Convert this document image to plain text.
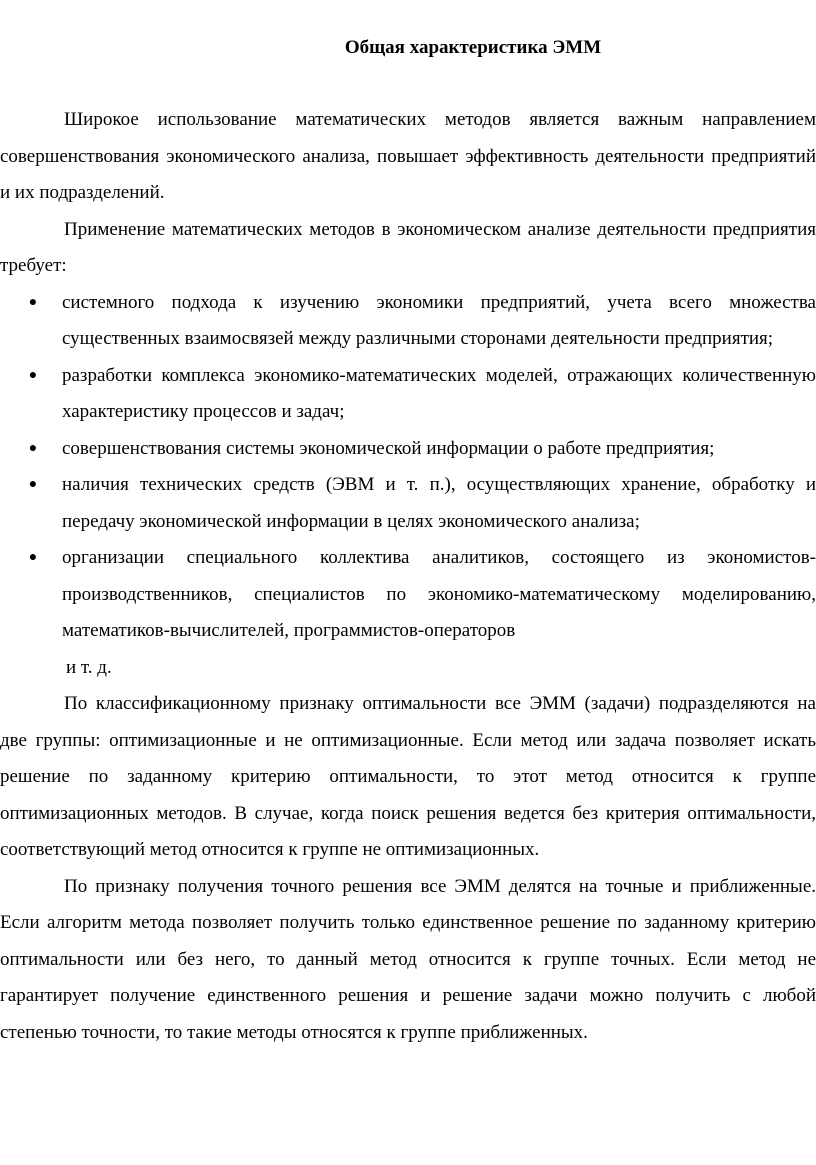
Общая характеристика ЭММ

Широкое использование математических методов является важным направлением совершенствования экономического анализа, повышает эффективность деятельности предприятий и их подразделений.

Применение математических методов в экономическом анализе деятельности предприятия требует:

● системного подхода к изучению экономики предприятий, учета всего множества существенных взаимосвязей между различными сторонами деятельности предприятия;
● разработки комплекса экономико-математических моделей, отражающих количественную характеристику процессов и задач;
● совершенствования системы экономической информации о работе предприятия;
● наличия технических средств (ЭВМ и т. п.), осуществляющих хранение, обработку и передачу экономической информации в целях экономического анализа;
● организации специального коллектива аналитиков, состоящего из экономистов-производственников, специалистов по экономико-математическому моделированию, математиков-вычислителей, программистов-операторов
и т. д.

По классификационному признаку оптимальности все ЭММ (задачи) подразделяются на две группы: оптимизационные и не оптимизационные. Если метод или задача позволяет искать решение по заданному критерию оптимальности, то этот метод относится к группе оптимизационных методов. В случае, когда поиск решения ведется без критерия оптимальности, соответствующий метод относится к группе не оптимизационных.

По признаку получения точного решения все ЭММ делятся на точные и приближенные. Если алгоритм метода позволяет получить только единственное решение по заданному критерию оптимальности или без него, то данный метод относится к группе точных. Если метод не гарантирует получение единственного решения и решение задачи можно получить с любой степенью точности, то такие методы относятся к группе приближенных.
